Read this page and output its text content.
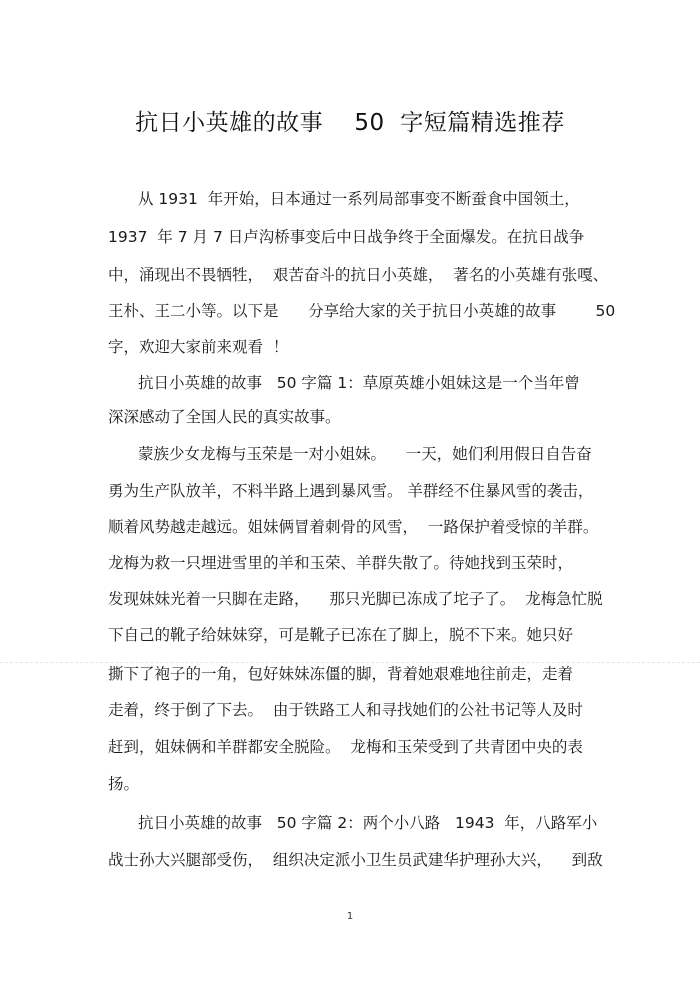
抗日小英雄的故事    50  字短篇精选推荐
从 1931  年开始，日本通过一系列局部事变不断蚕食中国领土，
1937  年 7 月 7 日卢沟桥事变后中日战争终于全面爆发。在抗日战争
中，涌现出不畏牺牲，  艰苦奋斗的抗日小英雄，  著名的小英雄有张嘎、
王朴、王二小等。以下是      分享给大家的关于抗日小英雄的故事        50
字，欢迎大家前来观看  ！
抗日小英雄的故事   50 字篇 1：草原英雄小姐妹这是一个当年曾
深深感动了全国人民的真实故事。
蒙族少女龙梅与玉荣是一对小姐妹。    一天，她们利用假日自告奋
勇为生产队放羊，不料半路上遇到暴风雪。 羊群经不住暴风雪的袭击，
顺着风势越走越远。姐妹俩冒着刺骨的风雪，  一路保护着受惊的羊群。
龙梅为救一只埋进雪里的羊和玉荣、羊群失散了。待她找到玉荣时，
发现妹妹光着一只脚在走路，    那只光脚已冻成了坨子了。  龙梅急忙脱
下自己的靴子给妹妹穿，可是靴子已冻在了脚上，脱不下来。她只好
撕下了袍子的一角，包好妹妹冻僵的脚，背着她艰难地往前走，走着
走着，终于倒了下去。  由于铁路工人和寻找她们的公社书记等人及时
赶到，姐妹俩和羊群都安全脱险。  龙梅和玉荣受到了共青团中央的表
扬。
抗日小英雄的故事   50 字篇 2：两个小八路   1943  年，八路军小
战士孙大兴腿部受伤，  组织决定派小卫生员武建华护理孙大兴，    到敌
1
